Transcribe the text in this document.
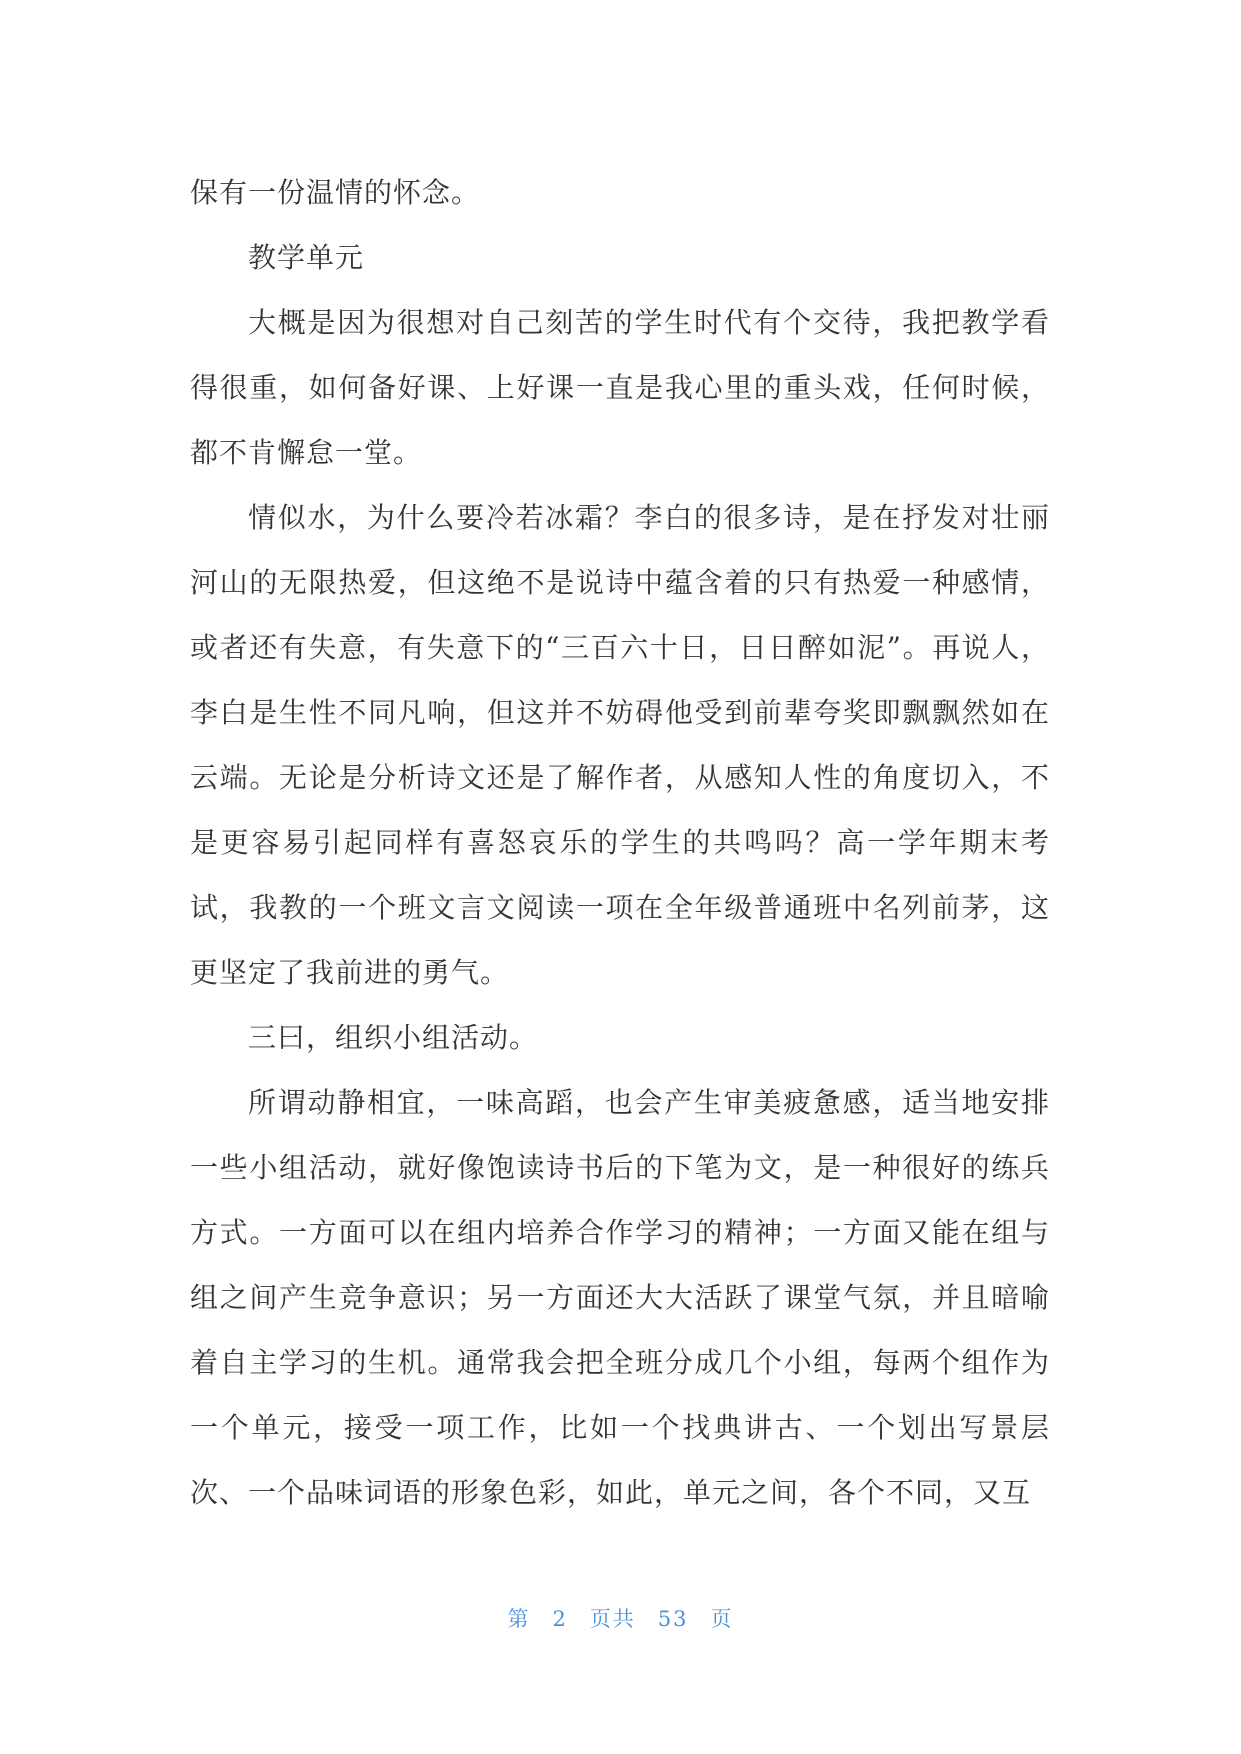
保有一份温情的怀念。

教学单元

大概是因为很想对自己刻苦的学生时代有个交待，我把教学看得很重，如何备好课、上好课一直是我心里的重头戏，任何时候，都不肯懈怠一堂。

情似水，为什么要冷若冰霜？李白的很多诗，是在抒发对壮丽河山的无限热爱，但这绝不是说诗中蕴含着的只有热爱一种感情，或者还有失意，有失意下的“三百六十日，日日醉如泥”。再说人，李白是生性不同凡响，但这并不妨碍他受到前辈夸奖即飘飘然如在云端。无论是分析诗文还是了解作者，从感知人性的角度切入，不是更容易引起同样有喜怒哀乐的学生的共鸣吗？高一学年期末考试，我教的一个班文言文阅读一项在全年级普通班中名列前茅，这更坚定了我前进的勇气。

三曰，组织小组活动。

所谓动静相宜，一味高蹈，也会产生审美疲惫感，适当地安排一些小组活动，就好像饱读诗书后的下笔为文，是一种很好的练兵方式。一方面可以在组内培养合作学习的精神；一方面又能在组与组之间产生竞争意识；另一方面还大大活跃了课堂气氛，并且暗喻着自主学习的生机。通常我会把全班分成几个小组，每两个组作为一个单元，接受一项工作，比如一个找典讲古、一个划出写景层次、一个品味词语的形象色彩，如此，单元之间，各个不同，又互

第 2 页共 53 页
